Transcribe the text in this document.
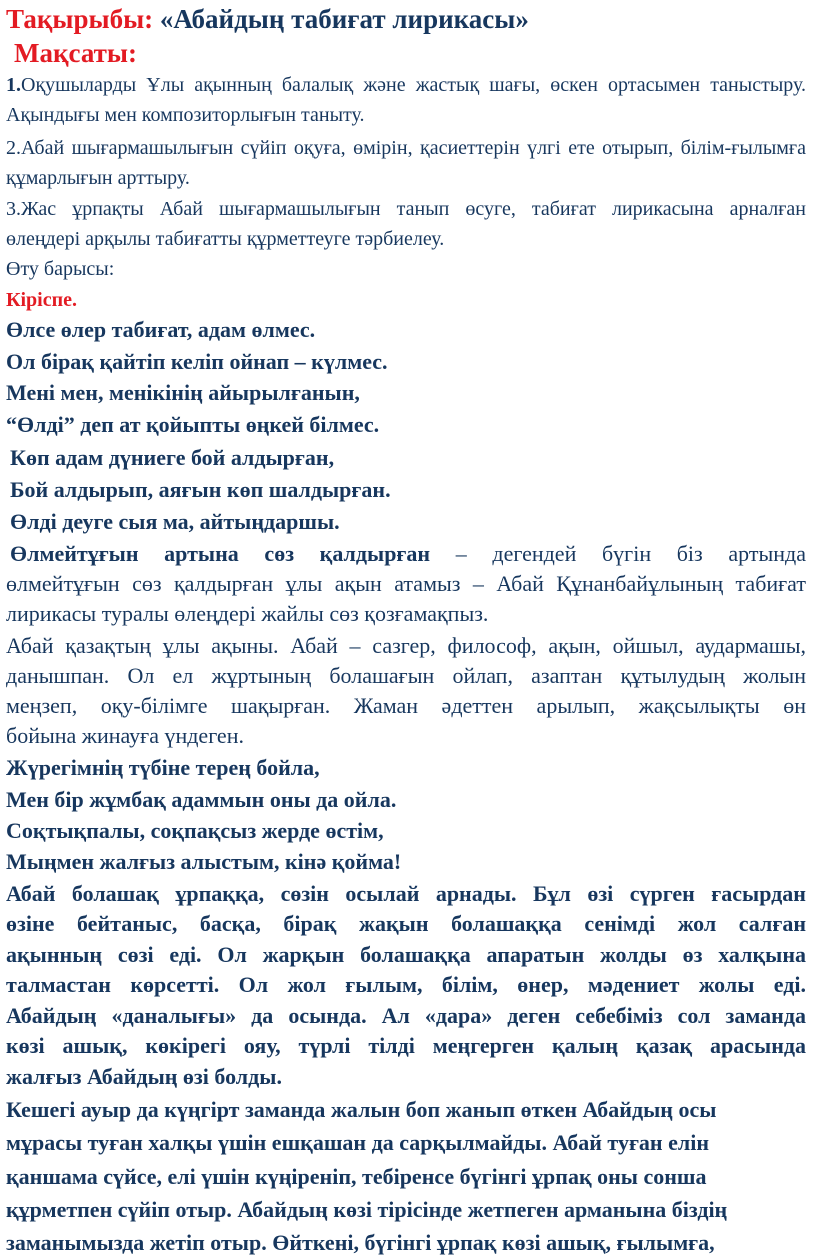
Тақырыбы: «Абайдың табиғат лирикасы»
Мақсаты:
1.Оқушыларды Ұлы ақынның балалық және жастық шағы, өскен ортасымен таныстыру.
Ақындығы мен композиторлығын таныту.
2.Абай шығармашылығын сүйіп оқуға, өмірін, қасиеттерін үлгі ете отырып, білім-ғылымға
құмарлығын арттыру.
3.Жас ұрпақты Абай шығармашылығын танып өсуге, табиғат лирикасына арналған
өлеңдері арқылы табиғатты құрметтеуге тәрбиелеу.
Өту барысы:
Кіріспе.
Өлсе өлер табиғат, адам өлмес.
Ол бірақ қайтіп келіп ойнап – күлмес.
Мені мен, менікінің айырылғанын,
“Өлді” деп ат қойыпты өңкей білмес.
Көп адам дүниеге бой алдырған,
Бой алдырып, аяғын көп шалдырған.
Өлді деуге сыя ма, айтыңдаршы.
Өлмейтұғын артына сөз қалдырған – дегендей бүгін біз артында
өлмейтұғын сөз қалдырған ұлы ақын атамыз – Абай Құнанбайұлының табиғат
лирикасы туралы өлеңдері жайлы сөз қозғамақпыз.
Абай қазақтың ұлы ақыны. Абай – сазгер, философ, ақын, ойшыл, аудармашы,
данышпан. Ол ел жұртының болашағын ойлап, азаптан құтылудың жолын
меңзеп, оқу-білімге шақырған. Жаман әдеттен арылып, жақсылықты өн
бойына жинауға үндеген.
Жүрегімнің түбіне терең бойла,
Мен бір жұмбақ адаммын оны да ойла.
Соқтықпалы, соқпақсыз жерде өстім,
Мыңмен жалғыз алыстым, кінә қойма!
Абай болашақ ұрпаққа, сөзін осылай арнады. Бұл өзі сүрген ғасырдан
өзіне бейтаныс, басқа, бірақ жақын болашаққа сенімді жол салған
ақынның сөзі еді. Ол жарқын болашаққа апаратын жолды өз халқына
талмастан көрсетті. Ол жол ғылым, білім, өнер, мәдениет жолы еді.
Абайдың «даналығы» да осында. Ал «дара» деген себебіміз сол заманда
көзі ашық, көкірегі ояу, түрлі тілді меңгерген қалың қазақ арасында
жалғыз Абайдың өзі болды.
Кешегі ауыр да күңгірт заманда жалын боп жанып өткен Абайдың осы
мұрасы туған халқы үшін ешқашан да сарқылмайды. Абай туған елін
қаншама сүйсе, елі үшін күңіреніп, тебіренсе бүгінгі ұрпақ оны сонша
құрметпен сүйіп отыр. Абайдың көзі тірісінде жетпеген арманына біздің
заманымызда жетіп отыр. Өйткені, бүгінгі ұрпақ көзі ашық, ғылымға,
